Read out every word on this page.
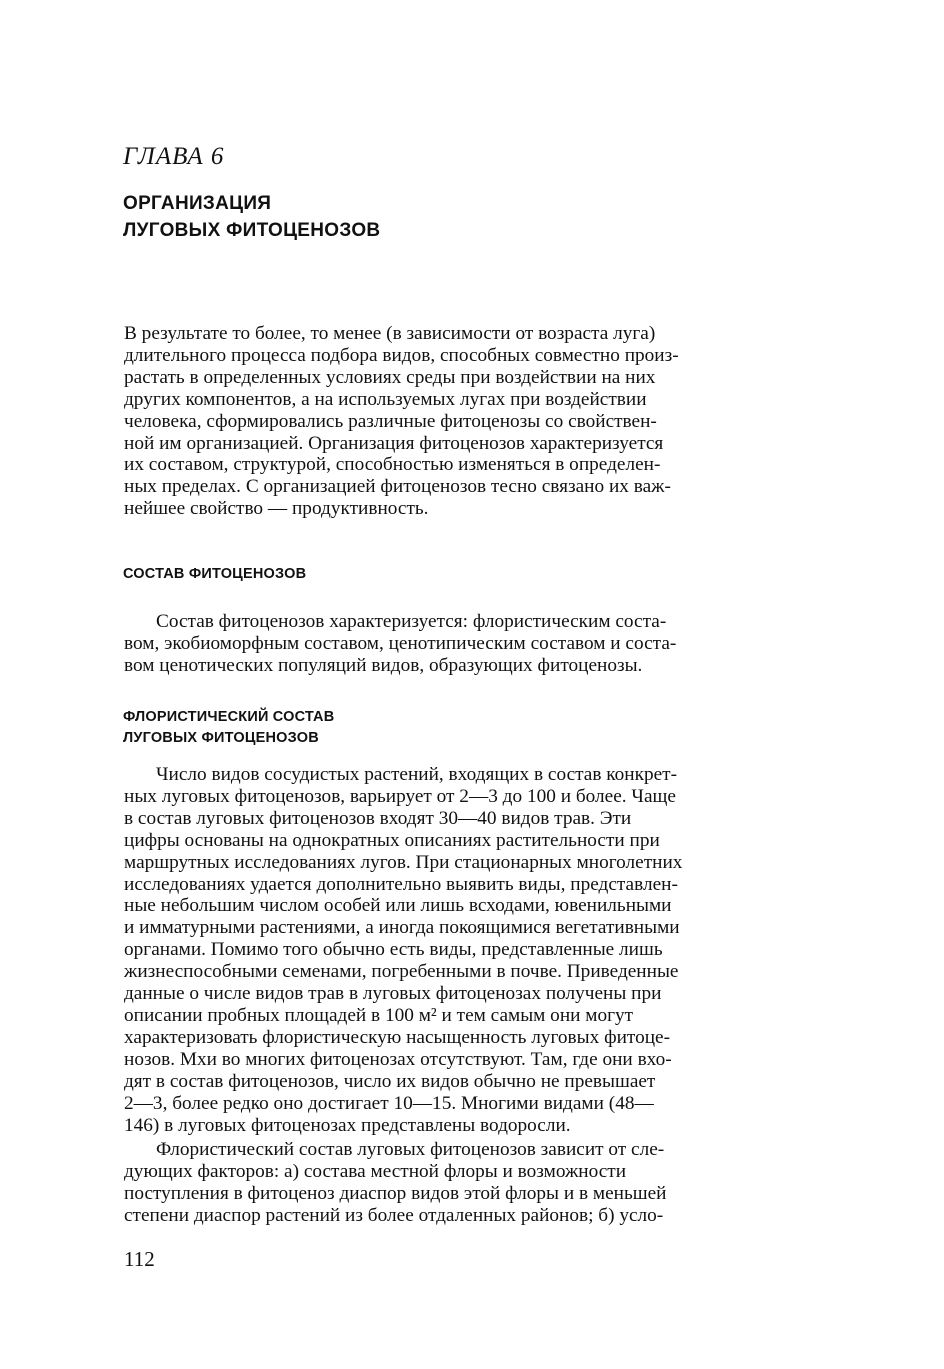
ГЛАВА 6
ОРГАНИЗАЦИЯ
ЛУГОВЫХ ФИТОЦЕНОЗОВ
В результате то более, то менее (в зависимости от возраста луга)
длительного процесса подбора видов, способных совместно произ-
растать в определенных условиях среды при воздействии на них
других компонентов, а на используемых лугах при воздействии
человека, сформировались различные фитоценозы со свойствен-
ной им организацией. Организация фитоценозов характеризуется
их составом, структурой, способностью изменяться в определен-
ных пределах. С организацией фитоценозов тесно связано их важ-
нейшее свойство — продуктивность.
СОСТАВ ФИТОЦЕНОЗОВ
Состав фитоценозов характеризуется: флористическим соста-
вом, экобиоморфным составом, ценотипическим составом и соста-
вом ценотических популяций видов, образующих фитоценозы.
ФЛОРИСТИЧЕСКИЙ СОСТАВ
ЛУГОВЫХ ФИТОЦЕНОЗОВ
Число видов сосудистых растений, входящих в состав конкрет-
ных луговых фитоценозов, варьирует от 2—3 до 100 и более. Чаще
в состав луговых фитоценозов входят 30—40 видов трав. Эти
цифры основаны на однократных описаниях растительности при
маршрутных исследованиях лугов. При стационарных многолетних
исследованиях удается дополнительно выявить виды, представлен-
ные небольшим числом особей или лишь всходами, ювенильными
и имматурными растениями, а иногда покоящимися вегетативными
органами. Помимо того обычно есть виды, представленные лишь
жизнеспособными семенами, погребенными в почве. Приведенные
данные о числе видов трав в луговых фитоценозах получены при
описании пробных площадей в 100 м² и тем самым они могут
характеризовать флористическую насыщенность луговых фитоце-
нозов. Мхи во многих фитоценозах отсутствуют. Там, где они вхо-
дят в состав фитоценозов, число их видов обычно не превышает
2—3, более редко оно достигает 10—15. Многими видами (48—
146) в луговых фитоценозах представлены водоросли.
Флористический состав луговых фитоценозов зависит от сле-
дующих факторов: а) состава местной флоры и возможности
поступления в фитоценоз диаспор видов этой флоры и в меньшей
степени диаспор растений из более отдаленных районов; б) усло-
112
